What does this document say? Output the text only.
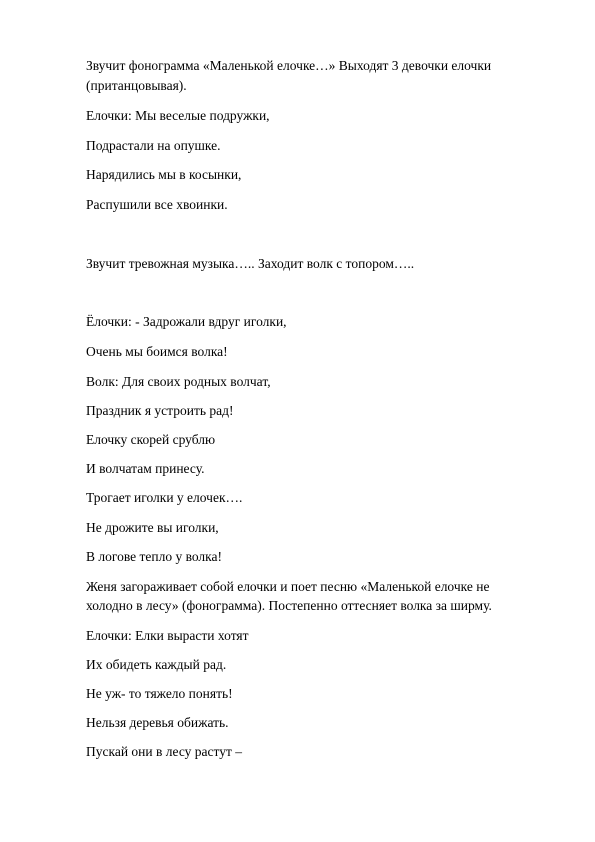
Звучит фонограмма «Маленькой елочке…» Выходят 3 девочки елочки
(пританцовывая).
Елочки: Мы веселые подружки,
Подрастали на опушке.
Нарядились мы в косынки,
Распушили все хвоинки.
Звучит тревожная музыка….. Заходит волк с топором…..
Ёлочки: - Задрожали вдруг иголки,
Очень мы боимся волка!
Волк: Для своих родных волчат,
Праздник я устроить рад!
Елочку скорей срублю
И волчатам принесу.
Трогает иголки у елочек….
Не дрожите вы иголки,
В логове тепло у волка!
Женя загораживает собой елочки и поет песню «Маленькой елочке не
холодно в лесу» (фонограмма). Постепенно оттесняет волка за ширму.
Елочки: Елки вырасти хотят
Их обидеть каждый рад.
Не уж- то тяжело понять!
Нельзя деревья обижать.
Пускай они в лесу растут –
